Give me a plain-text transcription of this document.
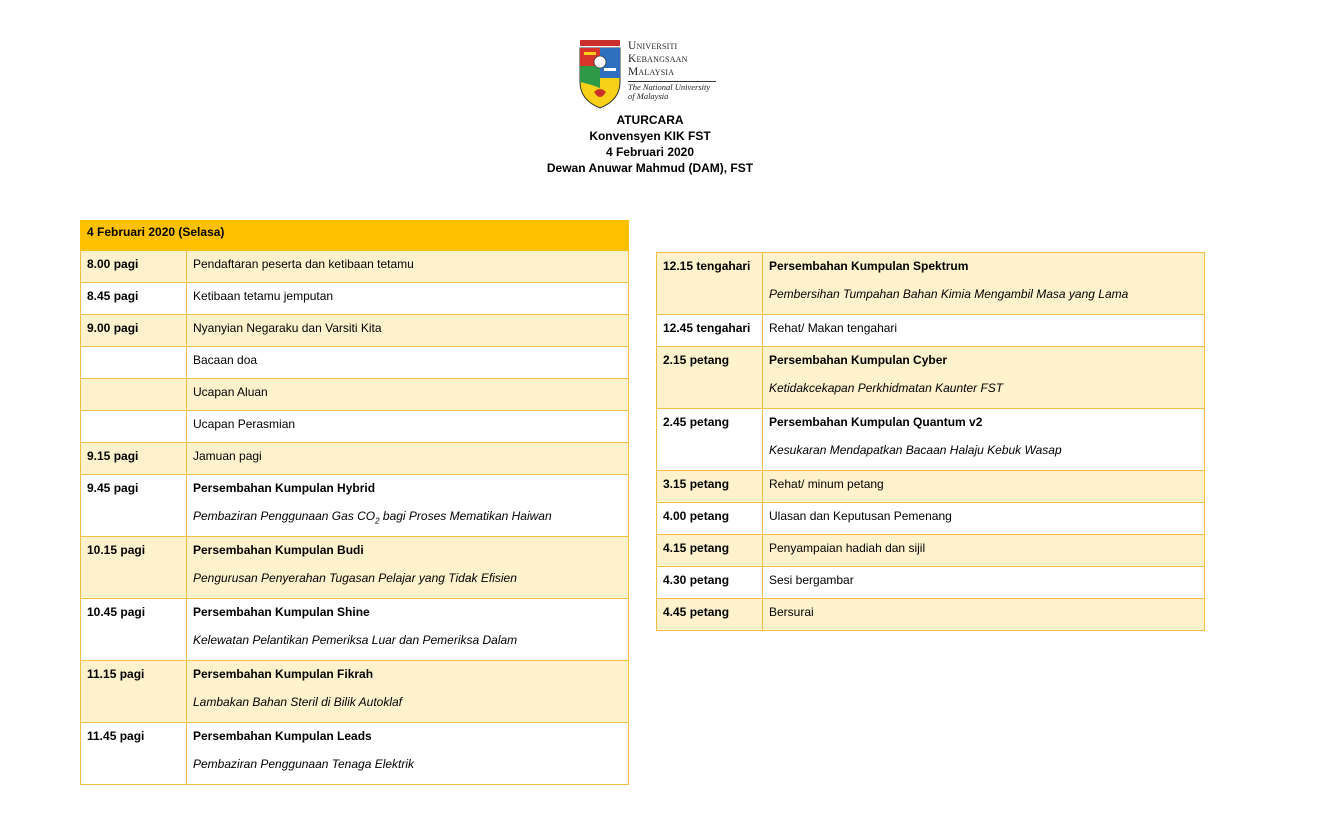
Universiti
Kebangsaan
Malaysia
The National University
of Malaysia
ATURCARA
Konvensyen KIK FST
4 Februari 2020
Dewan Anuwar Mahmud (DAM), FST
4 Februari 2020 (Selasa)	
8.00 pagi	Pendaftaran peserta dan ketibaan tetamu
8.45 pagi	Ketibaan tetamu jemputan
9.00 pagi	Nyanyian Negaraku dan Varsiti Kita
	Bacaan doa
	Ucapan Aluan
	Ucapan Perasmian
9.15 pagi	Jamuan pagi
9.45 pagi	Persembahan Kumpulan Hybrid
Pembaziran Penggunaan Gas $CO_2$ bagi Proses Mematikan Haiwan

10.15 pagi	Persembahan Kumpulan Budi
Pengurusan Penyerahan Tugasan Pelajar yang Tidak Efisien

10.45 pagi	Persembahan Kumpulan Shine
Kelewatan Pelantikan Pemeriksa Luar dan Pemeriksa Dalam

11.15 pagi	Persembahan Kumpulan Fikrah
Lambakan Bahan Steril di Bilik Autoklaf

11.45 pagi	Persembahan Kumpulan Leads
Pembaziran Penggunaan Tenaga Elektrik
12.15 tengahari	Persembahan Kumpulan Spektrum
Pembersihan Tumpahan Bahan Kimia Mengambil Masa yang Lama

12.45 tengahari	Rehat/ Makan tengahari
2.15 petang	Persembahan Kumpulan Cyber
Ketidakcekapan Perkhidmatan Kaunter FST

2.45 petang	Persembahan Kumpulan Quantum v2
Kesukaran Mendapatkan Bacaan Halaju Kebuk Wasap

3.15 petang	Rehat/ minum petang
4.00 petang	Ulasan dan Keputusan Pemenang
4.15 petang	Penyampaian hadiah dan sijil
4.30 petang	Sesi bergambar
4.45 petang	Bersurai
